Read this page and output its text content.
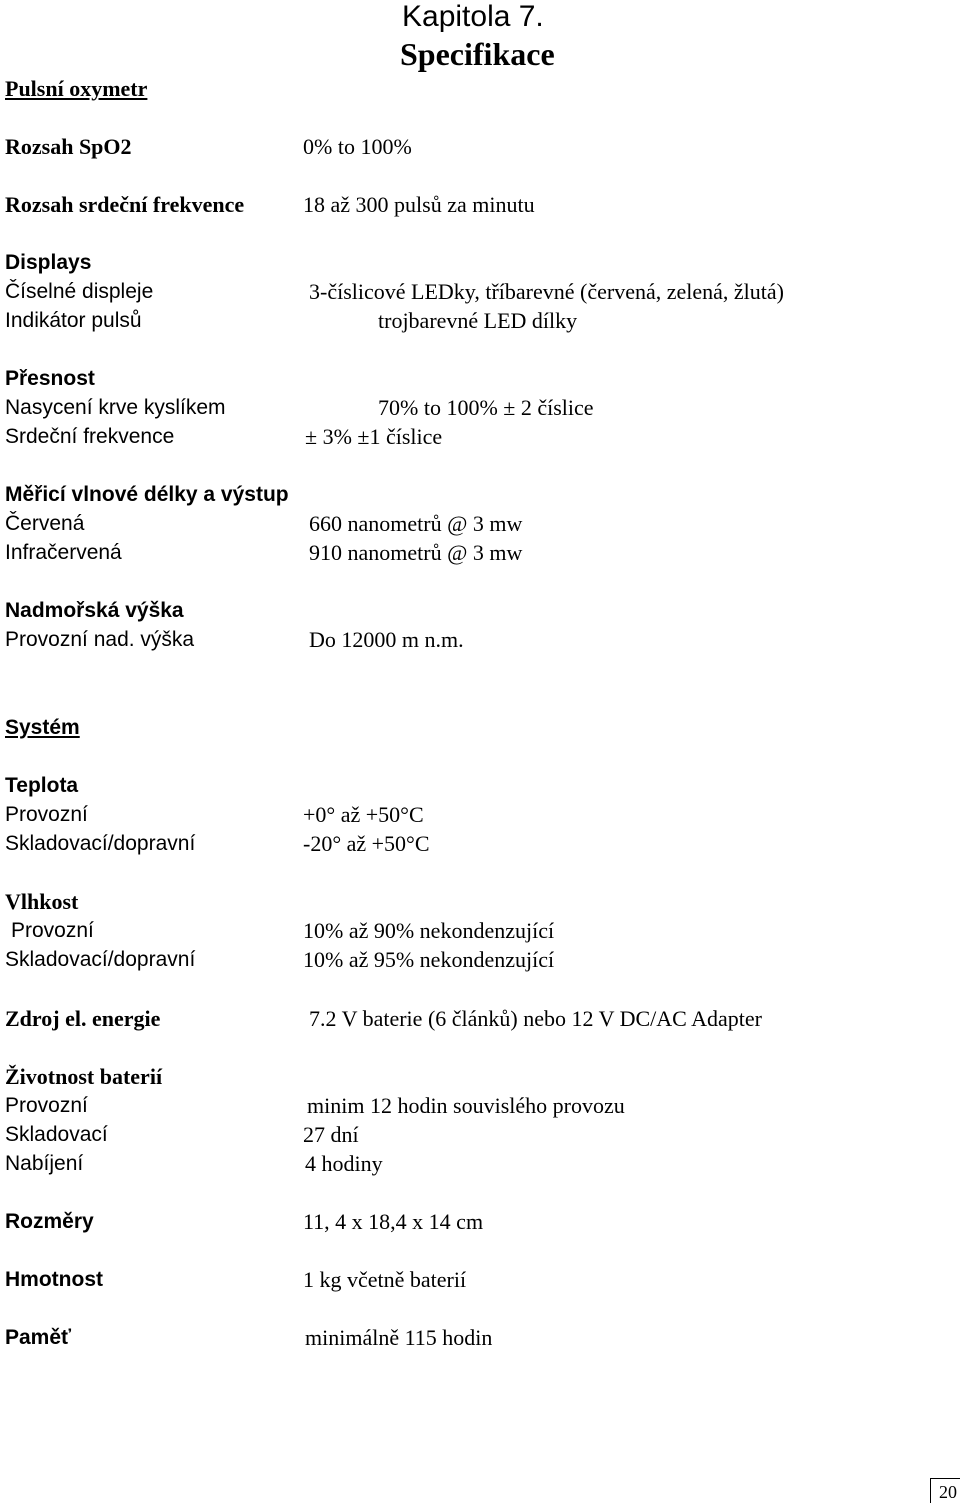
Kapitola 7.
Specifikace
Pulsní oxymetr
Rozsah SpO2	0% to 100%
Rozsah srdeční frekvence	18 až 300 pulsů za minutu
Displays
Číselné displeje	3-číslicové LEDky, tříbarevné (červená, zelená, žlutá)
Indikátor pulsů	trojbarevné LED dílky
Přesnost
Nasycení krve kyslíkem	70% to 100% ± 2 číslice
Srdeční frekvence	± 3% ±1 číslice
Měřicí vlnové délky a výstup
Červená	660 nanometrů @ 3 mw
Infračervená	910 nanometrů @ 3 mw
Nadmořská výška
Provozní nad. výška	Do 12000 m n.m.
Systém
Teplota
Provozní	+0° až +50°C
Skladovací/dopravní	-20° až +50°C
Vlhkost
Provozní	10% až 90% nekondenzující
Skladovací/dopravní	10% až 95% nekondenzující
Zdroj el. energie	7.2 V baterie (6 článků) nebo 12 V DC/AC Adapter
Životnost baterií
Provozní	minim 12 hodin souvislého provozu
Skladovací	27 dní
Nabíjení	4 hodiny
Rozměry	11, 4 x 18,4 x 14 cm
Hmotnost	1 kg včetně baterií
Paměť	minimálně 115 hodin
20
